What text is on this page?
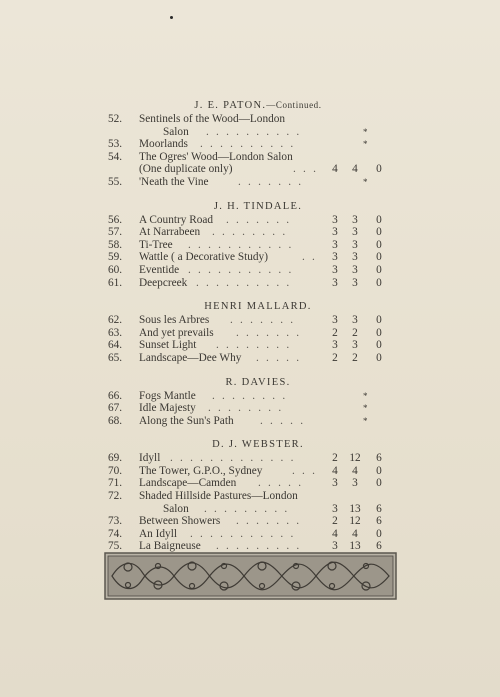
J. E. PATON.—Continued.
52.	Sentinels of the Wood—London
Salon . . . . . . . . . .	*
53.	Moorlands . . . . . . . . . .	*
54.	The Ogres' Wood—London Salon
(One duplicate only)	. . . 4 4 0
55.	'Neath the Vine	. . . . . . .	*
J. H. TINDALE.
56.	A Country Road . . . . . . .	3 3 0
57.	At Narrabeen . . . . . . . .	3 3 0
58.	Ti-Tree . . . . . . . . . . .	3 3 0
59.	Wattle ( a Decorative Study)	. . 3 3 0
60.	Eventide . . . . . . . . . . .	3 3 0
61.	Deepcreek . . . . . . . . . .	3 3 0
HENRI MALLARD.
62.	Sous les Arbres . . . . . . .	3 3 0
63.	And yet prevails . . . . . . .	2 2 0
64.	Sunset Light . . . . . . . .	3 3 0
65.	Landscape—Dee Why . . . . .	2 2 0
R. DAVIES.
66.	Fogs Mantle . . . . . . . .	*
67.	Idle Majesty . . . . . . . .	*
68.	Along the Sun's Path . . . . .	*
D. J. WEBSTER.
69.	Idyll . . . . . . . . . . . . .	2 12 6
70.	The Tower, G.P.O., Sydney	. . . 4 4 0
71.	Landscape—Camden . . . . .	3 3 0
72.	Shaded Hillside Pastures—London
Salon . . . . . . . . .	3 13 6
73.	Between Showers . . . . . . .	2 12 6
74.	An Idyll . . . . . . . . . . .	4 4 0
75.	La Baigneuse . . . . . . . . .	3 13 6
